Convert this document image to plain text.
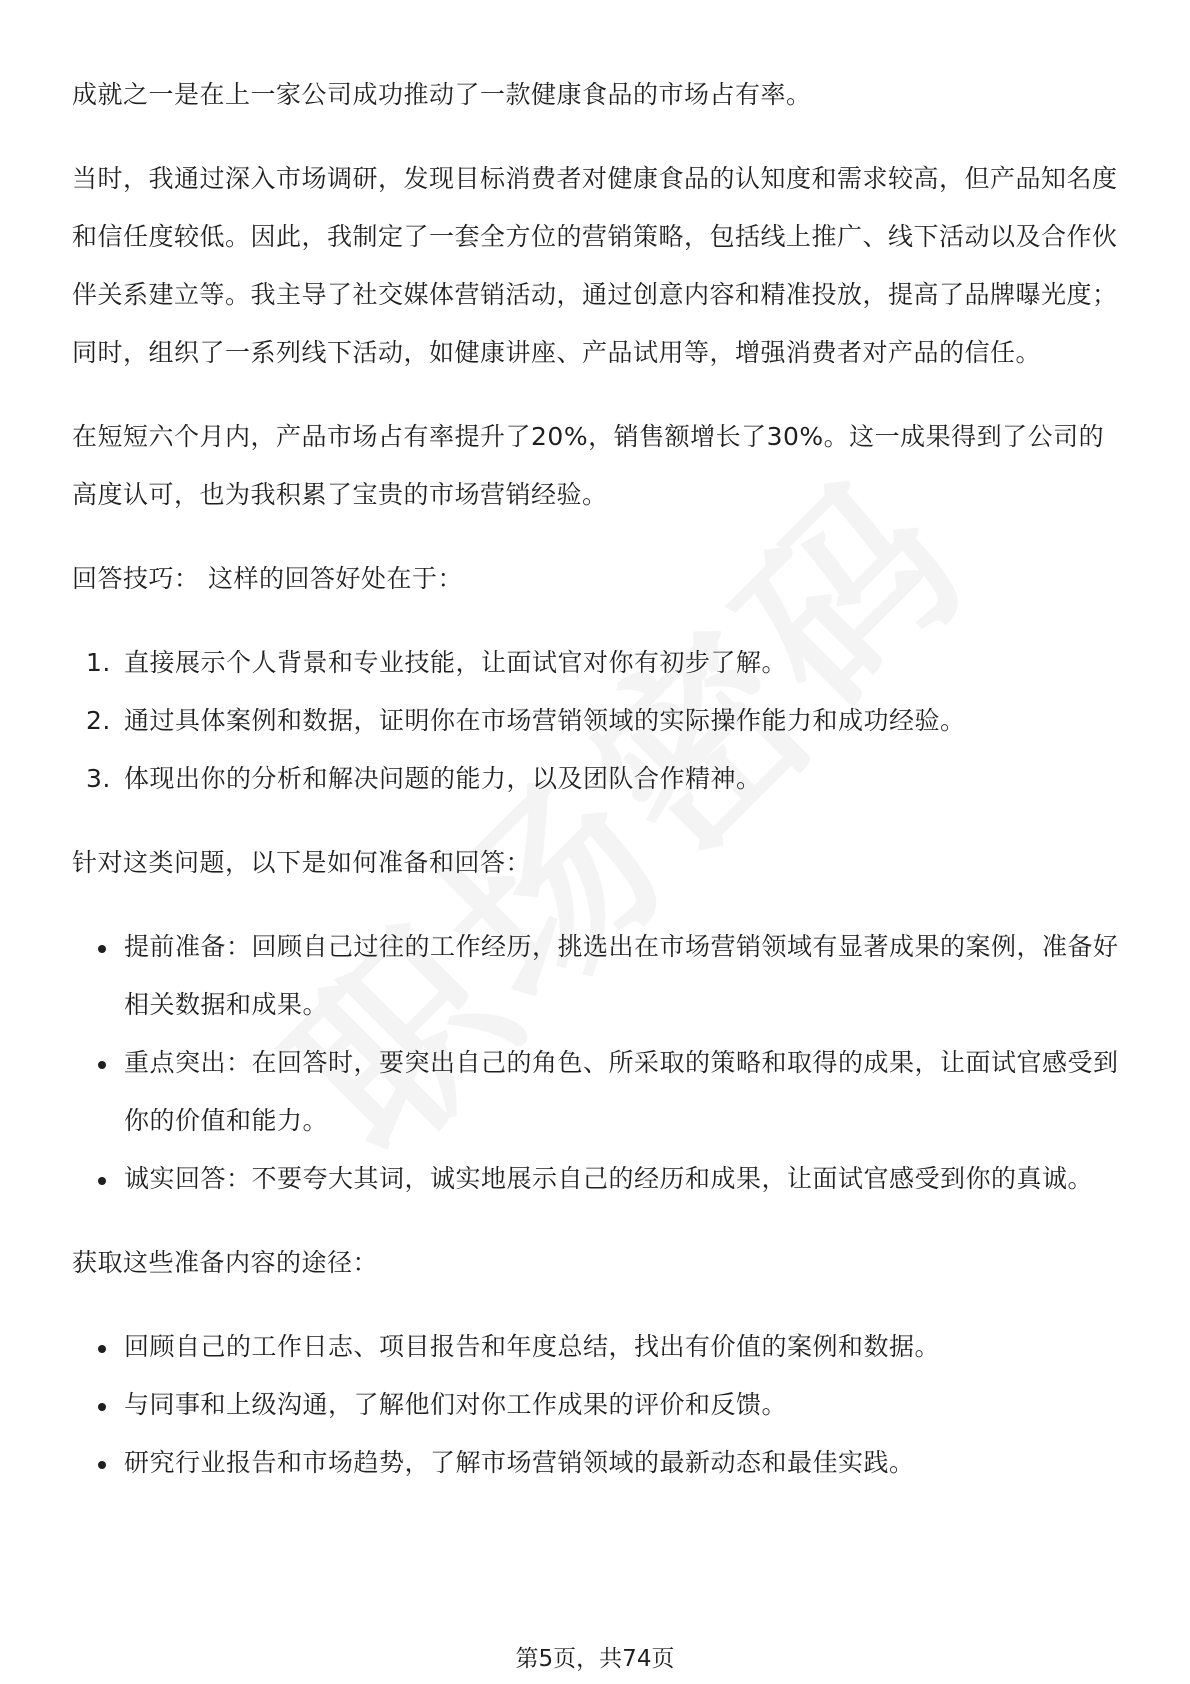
成就之一是在上一家公司成功推动了一款健康食品的市场占有率。

当时，我通过深入市场调研，发现目标消费者对健康食品的认知度和需求较高，但产品知名度和信任度较低。因此，我制定了一套全方位的营销策略，包括线上推广、线下活动以及合作伙伴关系建立等。我主导了社交媒体营销活动，通过创意内容和精准投放，提高了品牌曝光度；同时，组织了一系列线下活动，如健康讲座、产品试用等，增强消费者对产品的信任。

在短短六个月内，产品市场占有率提升了20%，销售额增长了30%。这一成果得到了公司的高度认可，也为我积累了宝贵的市场营销经验。

回答技巧： 这样的回答好处在于：

1. 直接展示个人背景和专业技能，让面试官对你有初步了解。
2. 通过具体案例和数据，证明你在市场营销领域的实际操作能力和成功经验。
3. 体现出你的分析和解决问题的能力，以及团队合作精神。

针对这类问题，以下是如何准备和回答：

提前准备：回顾自己过往的工作经历，挑选出在市场营销领域有显著成果的案例，准备好相关数据和成果。
重点突出：在回答时，要突出自己的角色、所采取的策略和取得的成果，让面试官感受到你的价值和能力。
诚实回答：不要夸大其词，诚实地展示自己的经历和成果，让面试官感受到你的真诚。

获取这些准备内容的途径：

回顾自己的工作日志、项目报告和年度总结，找出有价值的案例和数据。
与同事和上级沟通，了解他们对你工作成果的评价和反馈。
研究行业报告和市场趋势，了解市场营销领域的最新动态和最佳实践。
第5页，共74页
